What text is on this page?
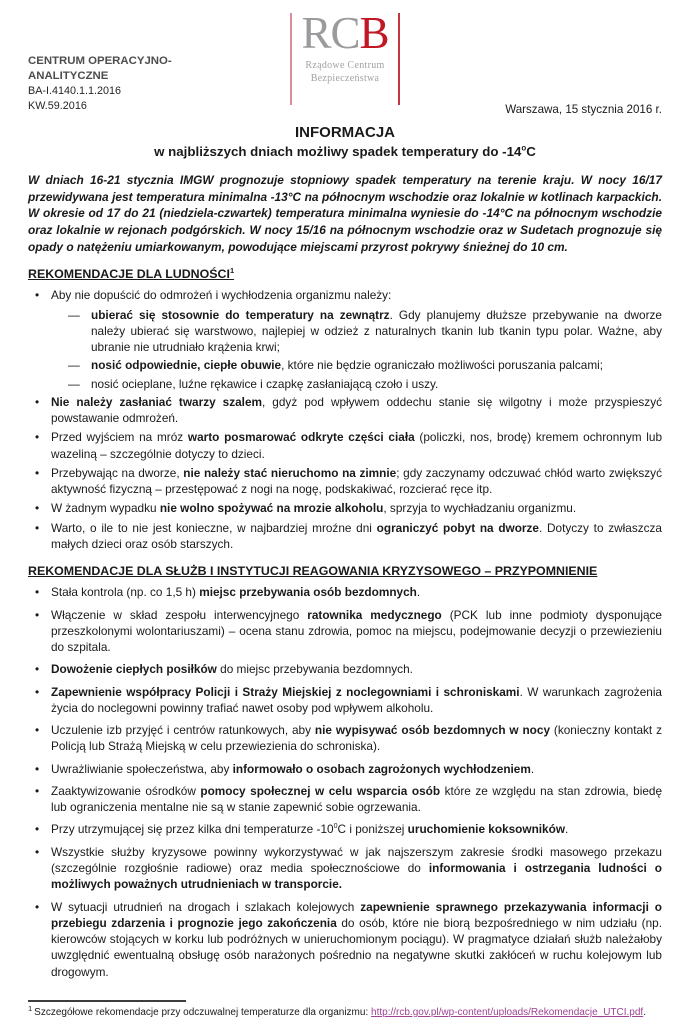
CENTRUM OPERACYJNO-ANALITYCZNE
BA-I.4140.1.1.2016
KW.59.2016
RCB
Rządowe Centrum
Bezpieczeństwa
Warszawa, 15 stycznia 2016 r.
INFORMACJA
w najbliższych dniach możliwy spadek temperatury do -14$^o$C
W dniach 16-21 stycznia IMGW prognozuje stopniowy spadek temperatury na terenie kraju. W nocy 16/17 przewidywana jest temperatura minimalna -13°C na północnym wschodzie oraz lokalnie w kotlinach karpackich. W okresie od 17 do 21 (niedziela-czwartek) temperatura minimalna wyniesie do -14°C na północnym wschodzie oraz lokalnie w rejonach podgórskich. W nocy 15/16 na północnym wschodzie oraz w Sudetach prognozuje się opady o natężeniu umiarkowanym, powodujące miejscami przyrost pokrywy śnieżnej do 10 cm.
REKOMENDACJE DLA LUDNOŚCI$^1$
• Aby nie dopuścić do odmrożeń i wychłodzenia organizmu należy:
— ubierać się stosownie do temperatury na zewnątrz. Gdy planujemy dłuższe przebywanie na dworze należy ubierać się warstwowo, najlepiej w odzież z naturalnych tkanin lub tkanin typu polar. Ważne, aby ubranie nie utrudniało krążenia krwi;
— nosić odpowiednie, ciepłe obuwie, które nie będzie ograniczało możliwości poruszania palcami;
— nosić ocieplane, luźne rękawice i czapkę zasłaniającą czoło i uszy.
• Nie należy zasłaniać twarzy szalem, gdyż pod wpływem oddechu stanie się wilgotny i może przyspieszyć powstawanie odmrożeń.
• Przed wyjściem na mróz warto posmarować odkryte części ciała (policzki, nos, brodę) kremem ochronnym lub wazeliną – szczególnie dotyczy to dzieci.
• Przebywając na dworze, nie należy stać nieruchomo na zimnie; gdy zaczynamy odczuwać chłód warto zwiększyć aktywność fizyczną – przestępować z nogi na nogę, podskakiwać, rozcierać ręce itp.
• W żadnym wypadku nie wolno spożywać na mrozie alkoholu, sprzyja to wychładzaniu organizmu.
• Warto, o ile to nie jest konieczne, w najbardziej mroźne dni ograniczyć pobyt na dworze. Dotyczy to zwłaszcza małych dzieci oraz osób starszych.
REKOMENDACJE DLA SŁUŻB I INSTYTUCJI REAGOWANIA KRYZYSOWEGO – PRZYPOMNIENIE
• Stała kontrola (np. co 1,5 h) miejsc przebywania osób bezdomnych.
• Włączenie w skład zespołu interwencyjnego ratownika medycznego (PCK lub inne podmioty dysponujące przeszkolonymi wolontariuszami) – ocena stanu zdrowia, pomoc na miejscu, podejmowanie decyzji o przewiezieniu do szpitala.
• Dowożenie ciepłych posiłków do miejsc przebywania bezdomnych.
• Zapewnienie współpracy Policji i Straży Miejskiej z noclegowniami i schroniskami. W warunkach zagrożenia życia do noclegowni powinny trafiać nawet osoby pod wpływem alkoholu.
• Uczulenie izb przyjęć i centrów ratunkowych, aby nie wypisywać osób bezdomnych w nocy (konieczny kontakt z Policją lub Strażą Miejską w celu przewiezienia do schroniska).
• Uwrażliwianie społeczeństwa, aby informowało o osobach zagrożonych wychłodzeniem.
• Zaaktywizowanie ośrodków pomocy społecznej w celu wsparcia osób które ze względu na stan zdrowia, biedę lub ograniczenia mentalne nie są w stanie zapewnić sobie ogrzewania.
• Przy utrzymującej się przez kilka dni temperaturze $-10^0C$ i poniższej uruchomienie koksowników.
• Wszystkie służby kryzysowe powinny wykorzystywać w jak najszerszym zakresie środki masowego przekazu (szczególnie rozgłośnie radiowe) oraz media społecznościowe do informowania i ostrzegania ludności o możliwych poważnych utrudnieniach w transporcie.
• W sytuacji utrudnień na drogach i szlakach kolejowych zapewnienie sprawnego przekazywania informacji o przebiegu zdarzenia i prognozie jego zakończenia do osób, które nie biorą bezpośredniego w nim udziału (np. kierowców stojących w korku lub podróżnych w unieruchomionym pociągu). W pragmatyce działań służb należałoby uwzględnić ewentualną obsługę osób narażonych pośrednio na negatywne skutki zakłóceń w ruchu kolejowym lub drogowym.
$^1$ Szczegółowe rekomendacje przy odczuwalnej temperaturze dla organizmu: http://rcb.gov.pl/wp-content/uploads/Rekomendacje_UTCI.pdf.
